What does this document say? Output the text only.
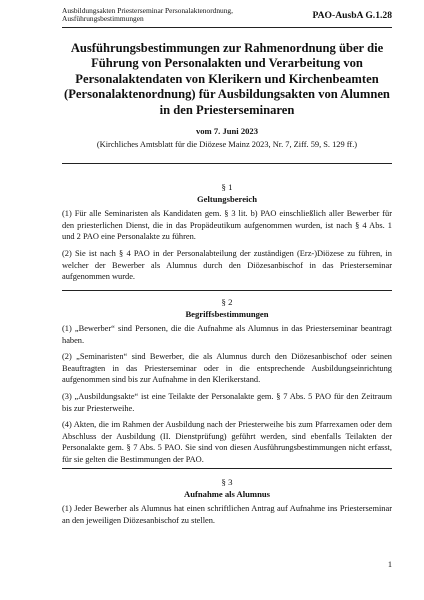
Ausbildungsakten Priesterseminar Personalaktenordnung,
Ausführungsbestimmungen	PAO-AusbA G.1.28
Ausführungsbestimmungen zur Rahmenordnung über die Führung von Personalakten und Verarbeitung von Personalaktendaten von Klerikern und Kirchenbeamten (Personalaktenordnung) für Ausbildungsakten von Alumnen in den Priesterseminaren
vom 7. Juni 2023
(Kirchliches Amtsblatt für die Diözese Mainz 2023, Nr. 7, Ziff. 59, S. 129 ff.)
§ 1
Geltungsbereich

(1) Für alle Seminaristen als Kandidaten gem. § 3 lit. b) PAO einschließlich aller Bewerber für den priesterlichen Dienst, die in das Propädeutikum aufgenommen wurden, ist nach § 4 Abs. 1 und 2 PAO eine Personalakte zu führen.

(2) Sie ist nach § 4 PAO in der Personalabteilung der zuständigen (Erz-)Diözese zu führen, in welcher der Bewerber als Alumnus durch den Diözesanbischof in das Priesterseminar aufgenommen wurde.

§ 2
Begriffsbestimmungen

(1) „Bewerber“ sind Personen, die die Aufnahme als Alumnus in das Priesterseminar beantragt haben.

(2) „Seminaristen“ sind Bewerber, die als Alumnus durch den Diözesanbischof oder seinen Beauftragten in das Priesterseminar oder in die entsprechende Ausbildungseinrichtung aufgenommen sind bis zur Aufnahme in den Klerikerstand.

(3) „Ausbildungsakte“ ist eine Teilakte der Personalakte gem. § 7 Abs. 5 PAO für den Zeitraum bis zur Priesterweihe.

(4) Akten, die im Rahmen der Ausbildung nach der Priesterweihe bis zum Pfarrexamen oder dem Abschluss der Ausbildung (II. Dienstprüfung) geführt werden, sind ebenfalls Teilakten der Personalakte gem. § 7 Abs. 5 PAO. Sie sind von diesen Ausführungsbestimmungen nicht erfasst, für sie gelten die Bestimmungen der PAO.

§ 3
Aufnahme als Alumnus

(1) Jeder Bewerber als Alumnus hat einen schriftlichen Antrag auf Aufnahme ins Priesterseminar an den jeweiligen Diözesanbischof zu stellen.

1
